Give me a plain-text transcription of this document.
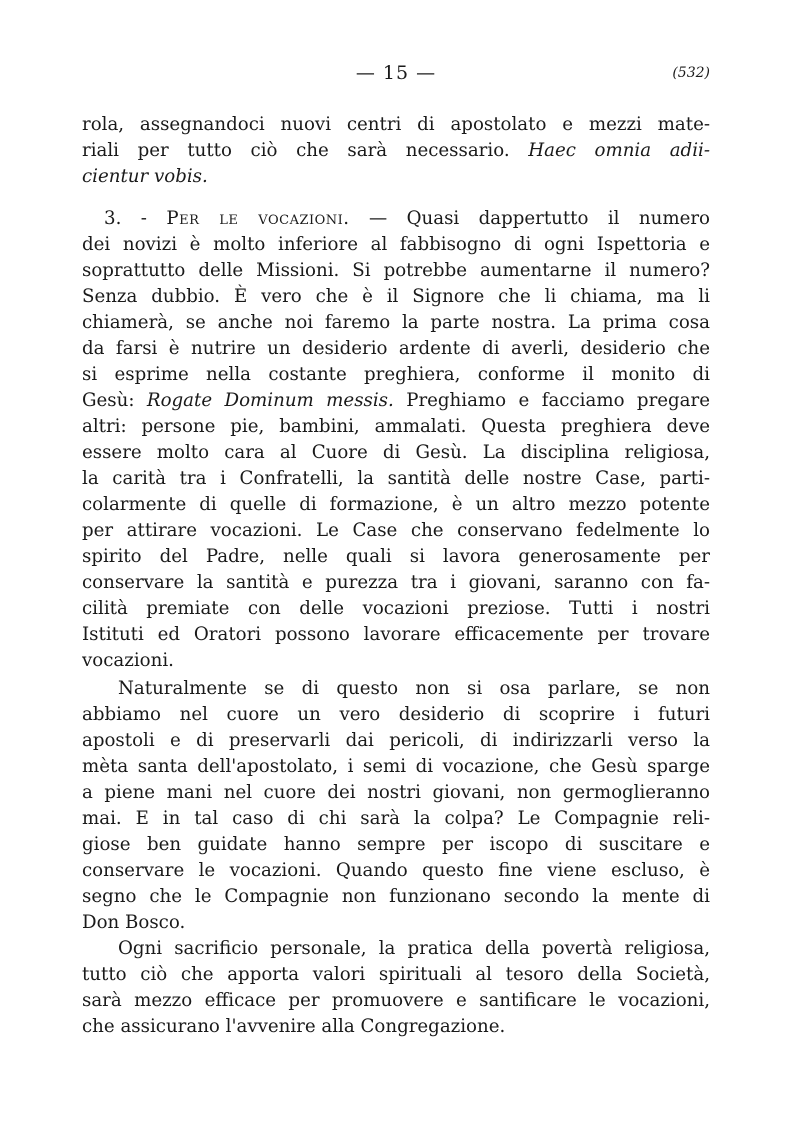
— 15 —	(532)
rola, assegnandoci nuovi centri di apostolato e mezzi mate-
riali per tutto ciò che sarà necessario. Haec omnia adii-
cientur vobis.
3. - Per le vocazioni. — Quasi dappertutto il numero
dei novizi è molto inferiore al fabbisogno di ogni Ispettoria e
soprattutto delle Missioni. Si potrebbe aumentarne il numero?
Senza dubbio. È vero che è il Signore che li chiama, ma li
chiamerà, se anche noi faremo la parte nostra. La prima cosa
da farsi è nutrire un desiderio ardente di averli, desiderio che
si esprime nella costante preghiera, conforme il monito di
Gesù: Rogate Dominum messis. Preghiamo e facciamo pregare
altri: persone pie, bambini, ammalati. Questa preghiera deve
essere molto cara al Cuore di Gesù. La disciplina religiosa,
la carità tra i Confratelli, la santità delle nostre Case, parti-
colarmente di quelle di formazione, è un altro mezzo potente
per attirare vocazioni. Le Case che conservano fedelmente lo
spirito del Padre, nelle quali si lavora generosamente per
conservare la santità e purezza tra i giovani, saranno con fa-
cilità premiate con delle vocazioni preziose. Tutti i nostri
Istituti ed Oratori possono lavorare efficacemente per trovare
vocazioni.
Naturalmente se di questo non si osa parlare, se non
abbiamo nel cuore un vero desiderio di scoprire i futuri
apostoli e di preservarli dai pericoli, di indirizzarli verso la
mèta santa dell'apostolato, i semi di vocazione, che Gesù sparge
a piene mani nel cuore dei nostri giovani, non germoglieranno
mai. E in tal caso di chi sarà la colpa? Le Compagnie reli-
giose ben guidate hanno sempre per iscopo di suscitare e
conservare le vocazioni. Quando questo fine viene escluso, è
segno che le Compagnie non funzionano secondo la mente di
Don Bosco.
Ogni sacrificio personale, la pratica della povertà religiosa,
tutto ciò che apporta valori spirituali al tesoro della Società,
sarà mezzo efficace per promuovere e santificare le vocazioni,
che assicurano l'avvenire alla Congregazione.
